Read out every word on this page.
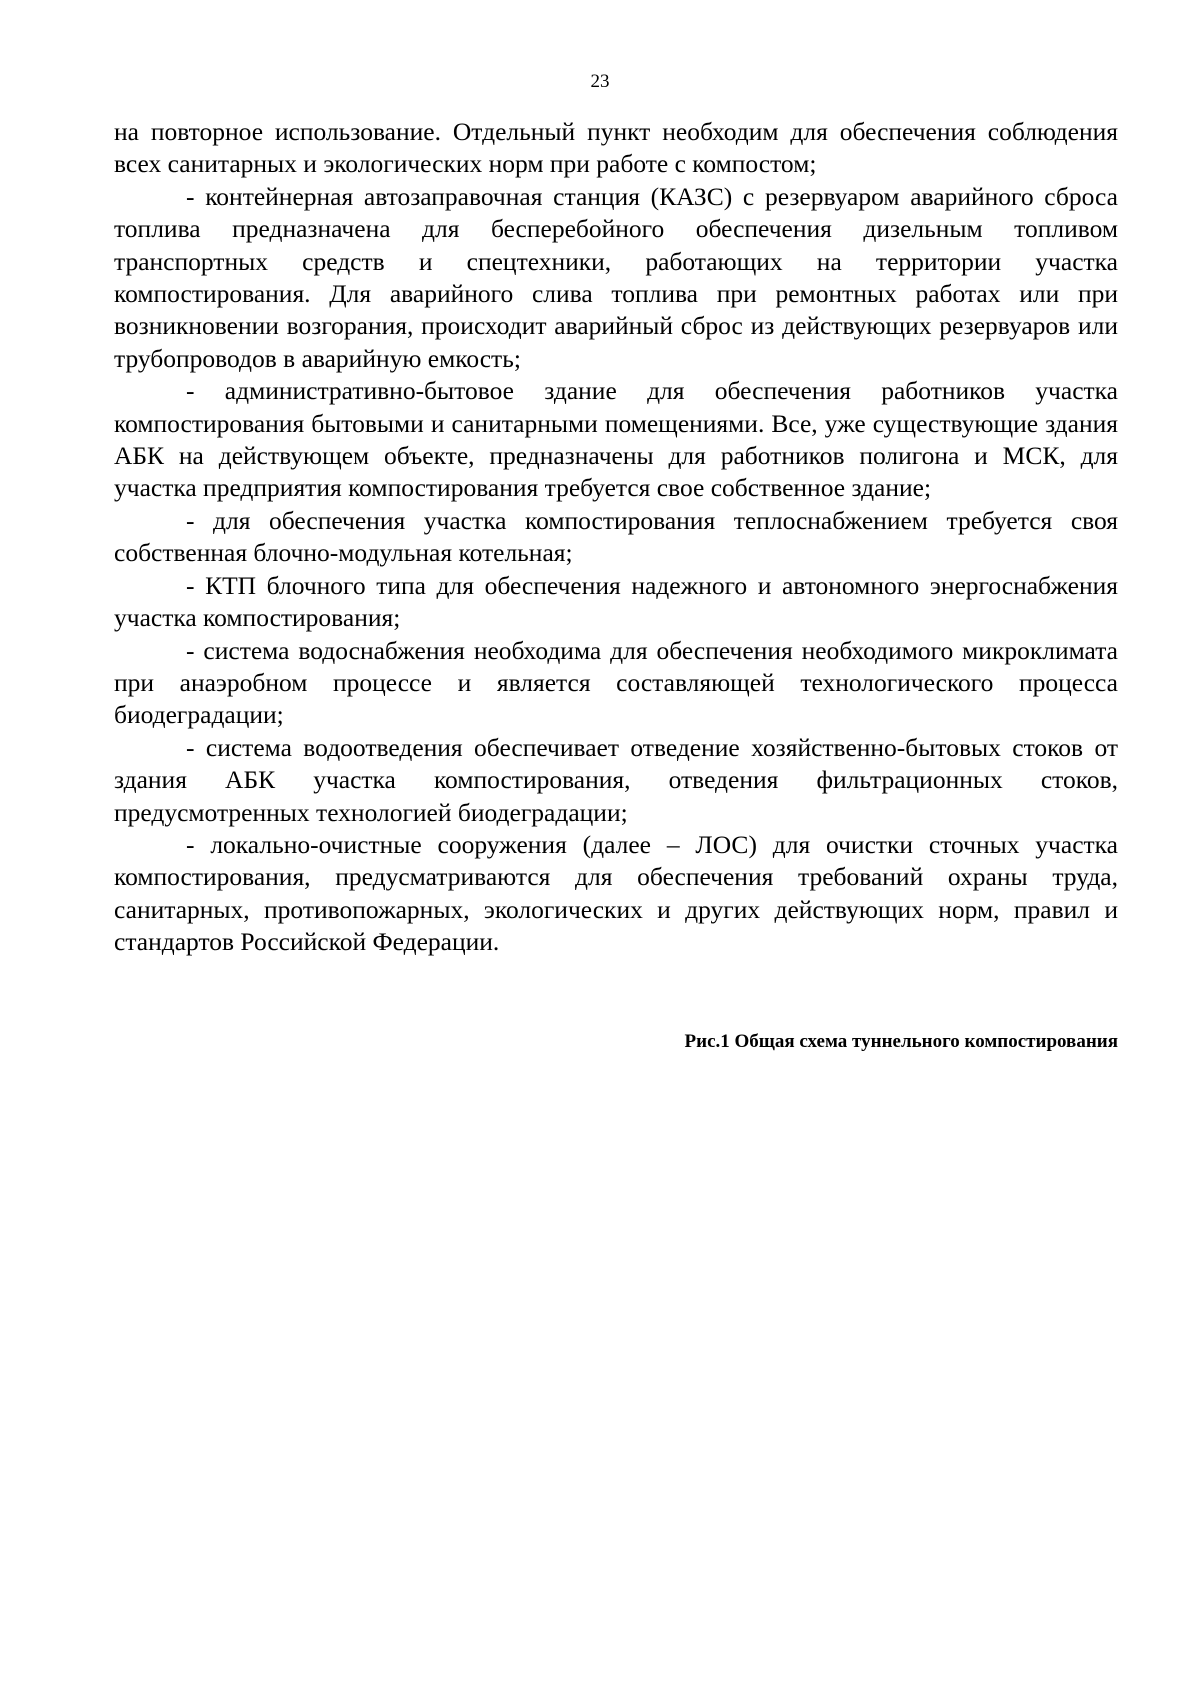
23

на повторное использование. Отдельный пункт необходим для обеспечения соблюдения всех санитарных и экологических норм при работе с компостом;

- контейнерная автозаправочная станция (КАЗС) с резервуаром аварийного сброса топлива предназначена для бесперебойного обеспечения дизельным топливом транспортных средств и спецтехники, работающих на территории участка компостирования. Для аварийного слива топлива при ремонтных работах или при возникновении возгорания, происходит аварийный сброс из действующих резервуаров или трубопроводов в аварийную емкость;

- административно-бытовое здание для обеспечения работников участка компостирования бытовыми и санитарными помещениями. Все, уже существующие здания АБК на действующем объекте, предназначены для работников полигона и МСК, для участка предприятия компостирования требуется свое собственное здание;

- для обеспечения участка компостирования теплоснабжением требуется своя собственная блочно-модульная котельная;

- КТП блочного типа для обеспечения надежного и автономного энергоснабжения участка компостирования;

- система водоснабжения необходима для обеспечения необходимого микроклимата при анаэробном процессе и является составляющей технологического процесса биодеградации;

- система водоотведения обеспечивает отведение хозяйственно-бытовых стоков от здания АБК участка компостирования, отведения фильтрационных стоков, предусмотренных технологией биодеградации;

- локально-очистные сооружения (далее – ЛОС) для очистки сточных участка компостирования, предусматриваются для обеспечения требований охраны труда, санитарных, противопожарных, экологических и других действующих норм, правил и стандартов Российской Федерации.

Рис.1 Общая схема туннельного компостирования
